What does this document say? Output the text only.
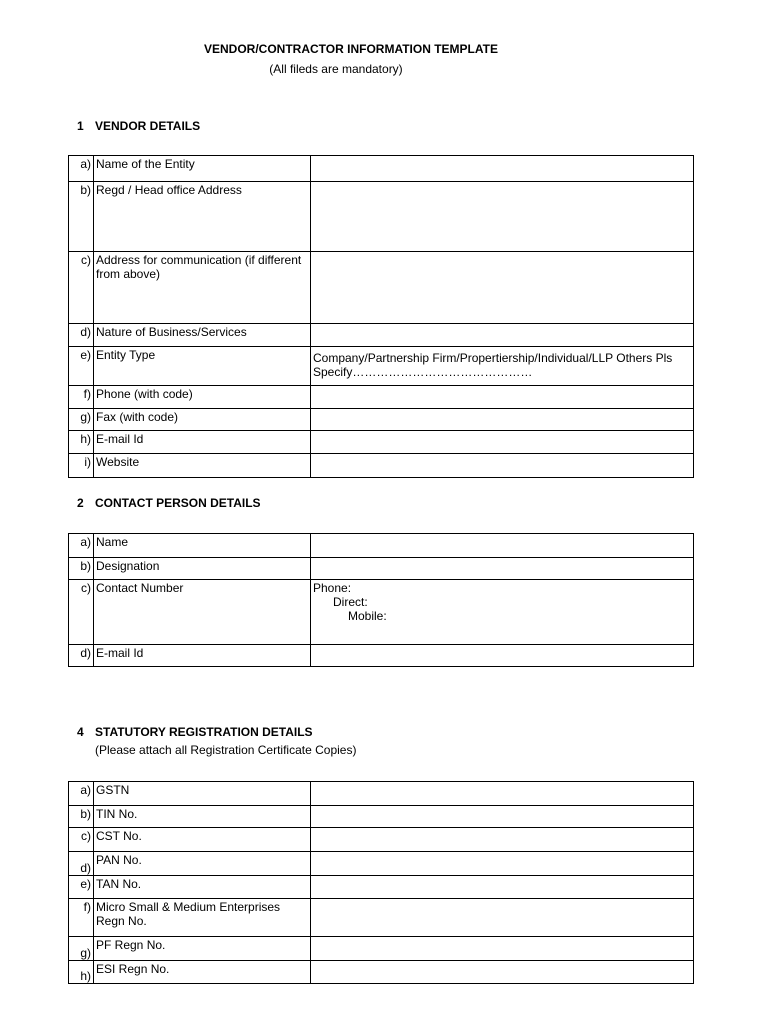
VENDOR/CONTRACTOR INFORMATION TEMPLATE
(All fileds are mandatory)
1 VENDOR DETAILS
a)	Name of the Entity	
b)	Regd / Head office Address	
c)	Address for communication (if different from above)	
d)	Nature of Business/Services	
e)	Entity Type	Company/Partnership Firm/Propertiership/Individual/LLP Others Pls Specify………………………………………
f)	Phone (with code)	
g)	Fax (with code)	
h)	E-mail Id	
i)	Website	
2 CONTACT PERSON DETAILS
a)	Name	
b)	Designation	
c)	Contact Number	Phone:
Direct:
Mobile:

d)	E-mail Id	
4 STATUTORY REGISTRATION DETAILS
(Please attach all Registration Certificate Copies)
a)	GSTN	
b)	TIN No.	
c)	CST No.	
d)	PAN No.	
e)	TAN No.	
f)	Micro Small & Medium Enterprises Regn No.	
g)	PF Regn No.	
h)	ESI Regn No.	
